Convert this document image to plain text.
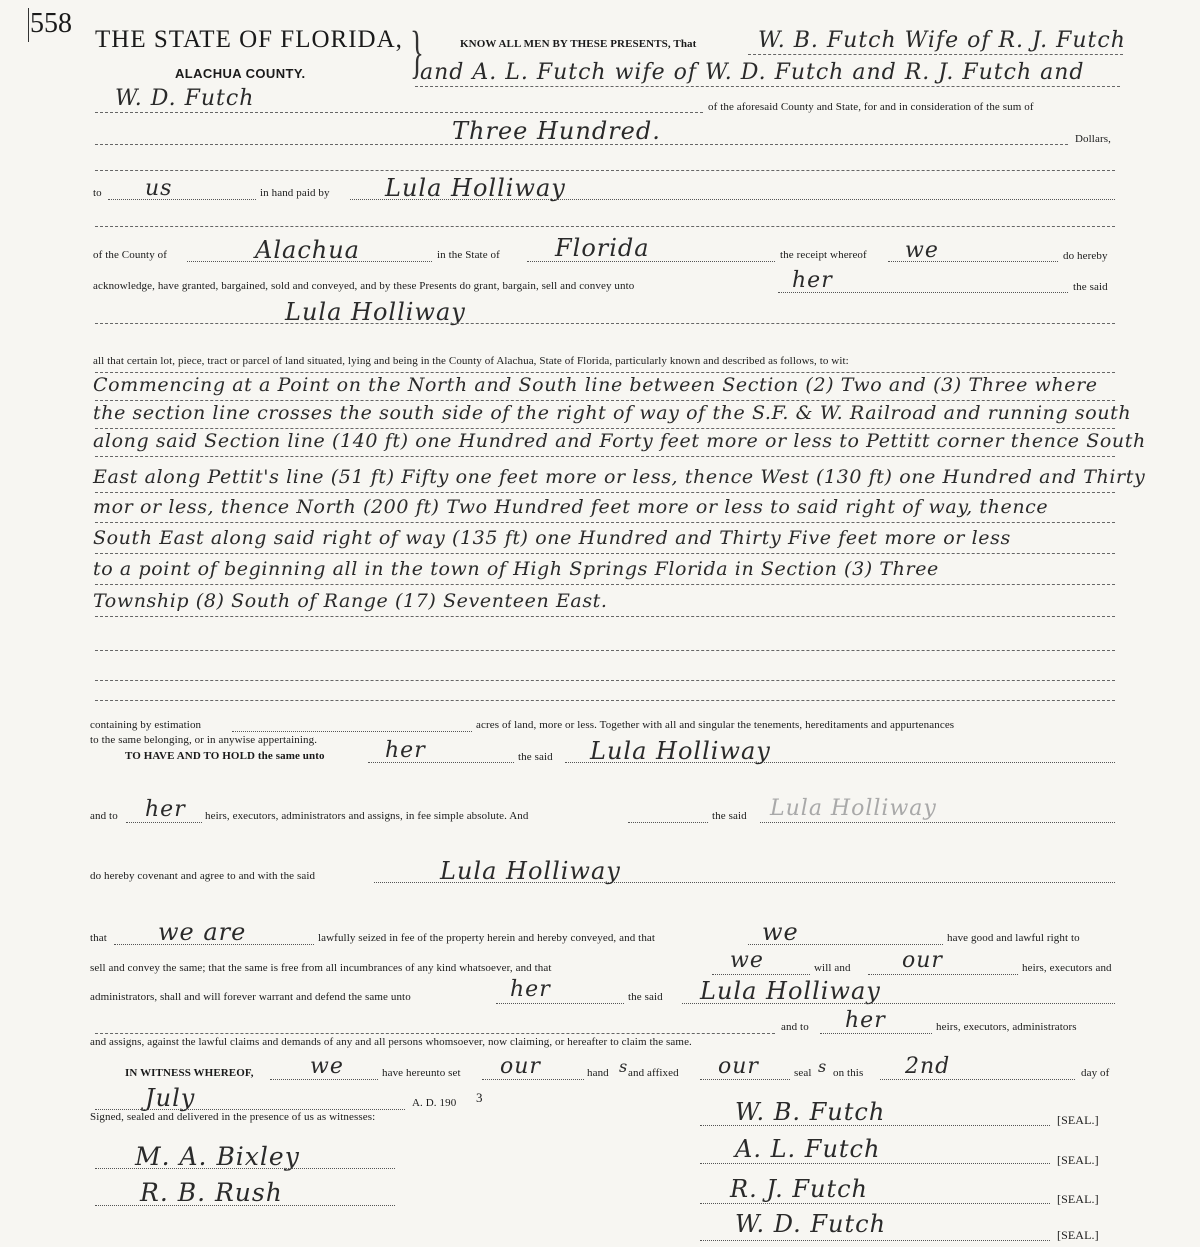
558
THE STATE OF FLORIDA, }
ALACHUA COUNTY.
KNOW ALL MEN BY THESE PRESENTS, That	W. B. Futch Wife of R. J. Futch
and A. L. Futch wife of W. D. Futch and R. J. Futch and
W. D. Futch	of the aforesaid County and State, for and in consideration of the sum of
Three Hundred.	Dollars,
to us	in hand paid by Lula Holliway
of the County of	Alachua	in the State of Florida	the receipt whereof we	do hereby
acknowledge, have granted, bargained, sold and conveyed, and by these Presents do grant, bargain, sell and convey unto	her	the said
Lula Holliway
all that certain lot, piece, tract or parcel of land situated, lying and being in the County of Alachua, State of Florida, particularly known and described as follows, to wit:
Commencing at a Point on the North and South line between Section (2) Two and (3) Three where
the section line crosses the south side of the right of way of the S.F. & W. Railroad and running south
along said Section line (140 ft) one Hundred and Forty feet more or less to Pettitt corner thence South
East along Pettit's line (51 ft) Fifty one feet more or less, thence West (130 ft) one Hundred and Thirty
mor or less, thence North (200 ft) Two Hundred feet more or less to said right of way, thence
South East along said right of way (135 ft) one Hundred and Thirty Five feet more or less
to a point of beginning all in the town of High Springs Florida in Section (3) Three
Township (8) South of Range (17) Seventeen East.
containing by estimation	acres of land, more or less. Together with all and singular the tenements, hereditaments and appurtenances
to the same belonging, or in anywise appertaining.
TO HAVE AND TO HOLD the same unto	her	the said Lula Holliway
and to her heirs, executors, administrators and assigns, in fee simple absolute. And	the said Lula Holliway
do hereby covenant and agree to and with the said	Lula Holliway
that we are	lawfully seized in fee of the property herein and hereby conveyed, and that	we	have good and lawful right to
sell and convey the same; that the same is free from all incumbrances of any kind whatsoever, and that	we	will and our	heirs, executors and
administrators, shall and will forever warrant and defend the same unto	her	the said Lula Holliway
and to her	heirs, executors, administrators
and assigns, against the lawful claims and demands of any and all persons whomsoever, now claiming, or hereafter to claim the same.
IN WITNESS WHEREOF,	we	have hereunto set our	hand s and affixed our	seal s on this 2nd	day of
July	A. D. 190 3
Signed, sealed and delivered in the presence of us as witnesses:
M. A. Bixley
R. B. Rush
W. B. Futch	[SEAL.]
A. L. Futch	[SEAL.]
R. J. Futch	[SEAL.]
W. D. Futch	[SEAL.]
